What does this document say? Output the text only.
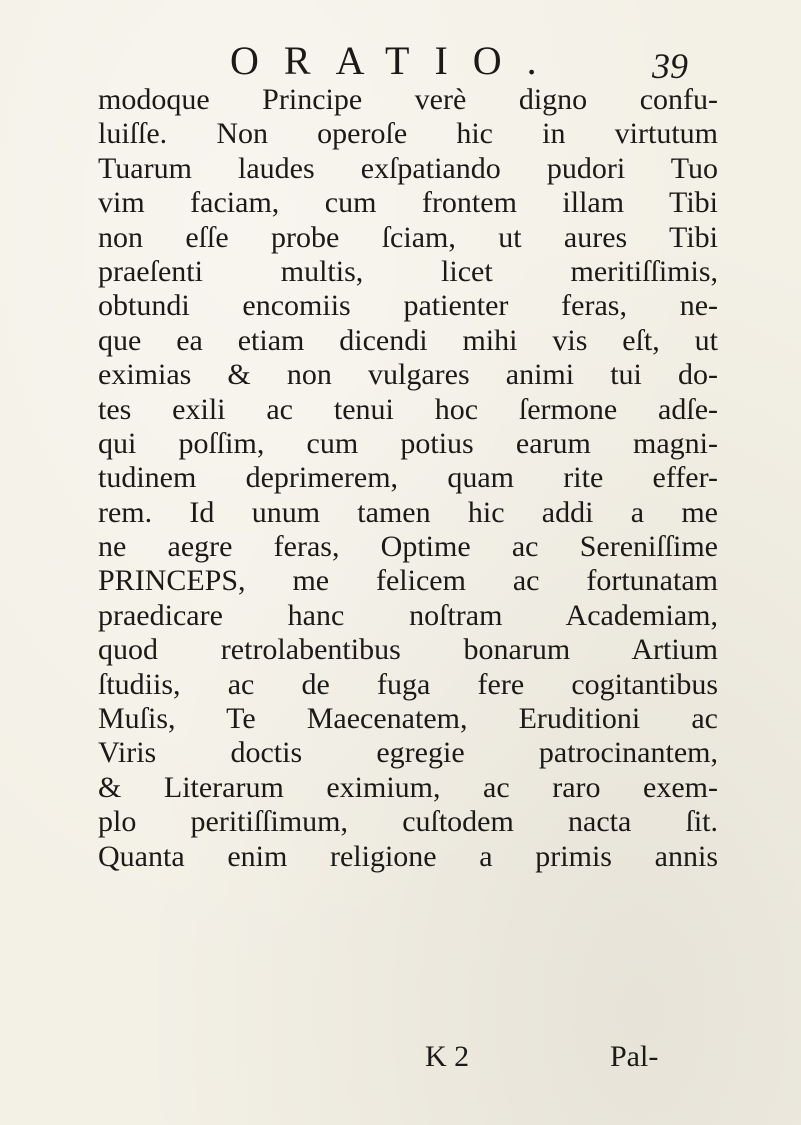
ORATIO.	39
modoque Principe verè digno confu-
luiſſe. Non operoſe hic in virtutum
Tuarum laudes exſpatiando pudori Tuo
vim faciam, cum frontem illam Tibi
non eſſe probe ſciam, ut aures Tibi
praeſenti multis, licet meritiſſimis,
obtundi encomiis patienter feras, ne-
que ea etiam dicendi mihi vis eſt, ut
eximias & non vulgares animi tui do-
tes exili ac tenui hoc ſermone adſe-
qui poſſim, cum potius earum magni-
tudinem deprimerem, quam rite effer-
rem. Id unum tamen hic addi a me
ne aegre feras, Optime ac Sereniſſime
PRINCEPS, me felicem ac fortunatam
praedicare hanc noſtram Academiam,
quod retrolabentibus bonarum Artium
ſtudiis, ac de fuga fere cogitantibus
Muſis, Te Maecenatem, Eruditioni ac
Viris doctis egregie patrocinantem,
& Literarum eximium, ac raro exem-
plo peritiſſimum, cuſtodem nacta ſit.
Quanta enim religione a primis annis
K 2	Pal-
